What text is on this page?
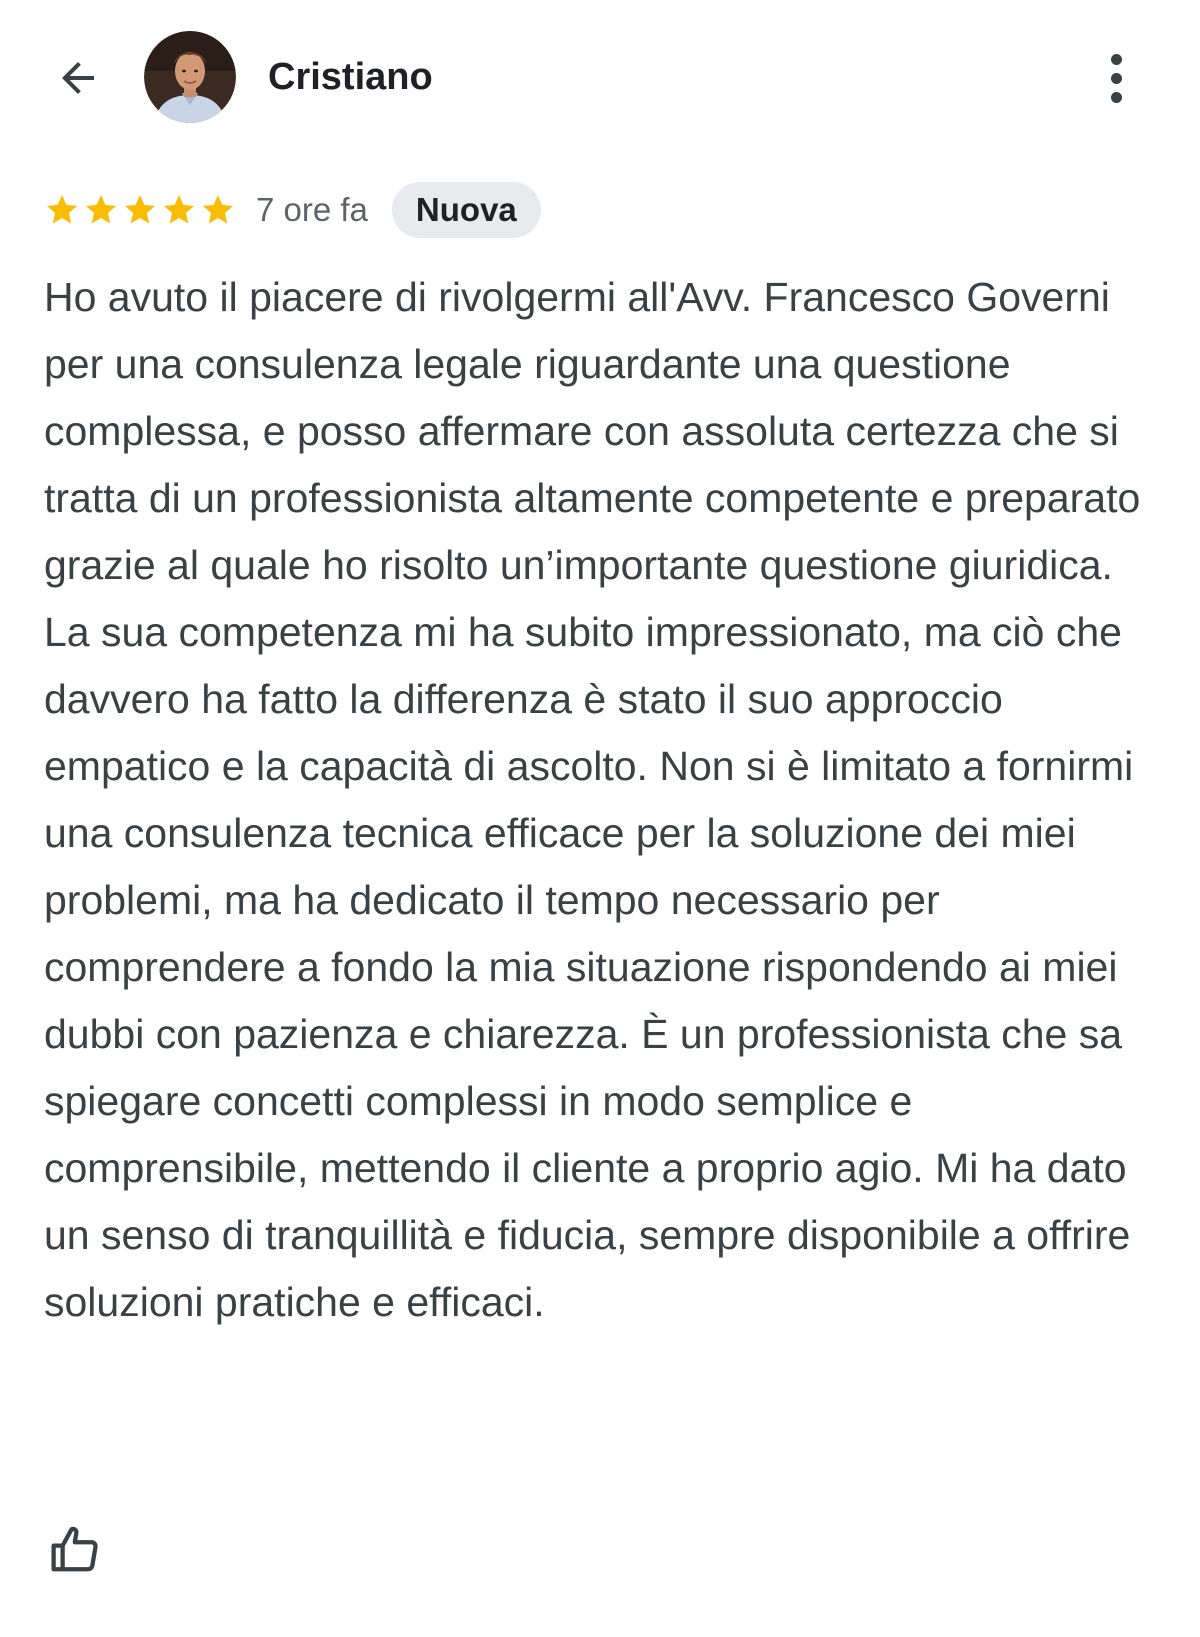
Cristiano
7 ore fa	Nuova

Ho avuto il piacere di rivolgermi all'Avv. Francesco Governi per una consulenza legale riguardante una questione complessa, e posso affermare con assoluta certezza che si tratta di un professionista altamente competente e preparato grazie al quale ho risolto un’importante questione giuridica. La sua competenza mi ha subito impressionato, ma ciò che davvero ha fatto la differenza è stato il suo approccio empatico e la capacità di ascolto. Non si è limitato a fornirmi una consulenza tecnica efficace per la soluzione dei miei problemi, ma ha dedicato il tempo necessario per comprendere a fondo la mia situazione rispondendo ai miei dubbi con pazienza e chiarezza. È un professionista che sa spiegare concetti complessi in modo semplice e comprensibile, mettendo il cliente a proprio agio. Mi ha dato un senso di tranquillità e fiducia, sempre disponibile a offrire soluzioni pratiche e efficaci.
